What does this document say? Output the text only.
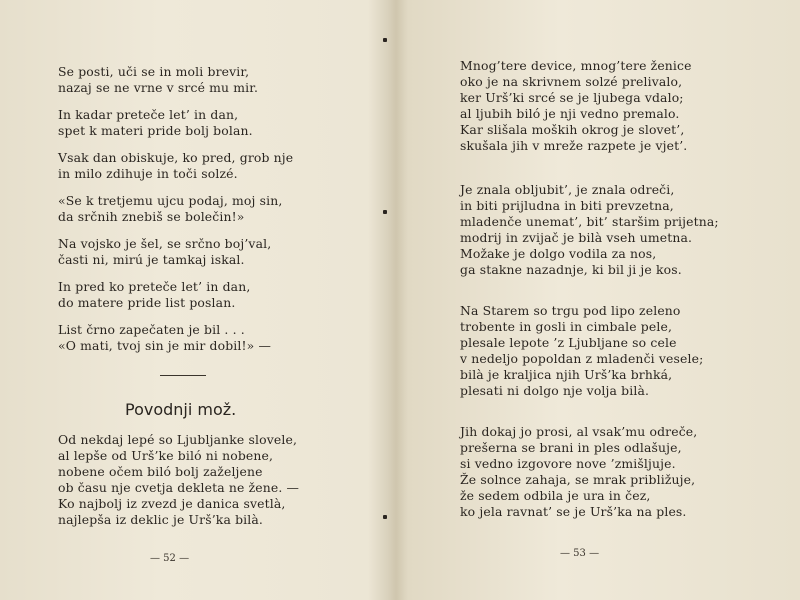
Se posti, uči se in moli brevir,
nazaj se ne vrne v srcé mu mir.
In kadar preteče let’ in dan,
spet k materi pride bolj bolan.
Vsak dan obiskuje, ko pred, grob nje
in milo zdihuje in toči solzé.
«Se k tretjemu ujcu podaj, moj sin,
da srčnih znebiš se bolečin!»
Na vojsko je šel, se srčno boj’val,
časti ni, mirú je tamkaj iskal.
In pred ko preteče let’ in dan,
do matere pride list poslan.
List črno zapečaten je bil . . .
«O mati, tvoj sin je mir dobil!» —
Povodnji mož.
Od nekdaj lepé so Ljubljanke slovele,
al lepše od Urš’ke biló ni nobene,
nobene očem biló bolj zaželjene
ob času nje cvetja dekleta ne žene. —
Ko najbolj iz zvezd je danica svetlà,
najlepša iz deklic je Urš’ka bilà.
— 52 —
Mnog’tere device, mnog’tere ženice
oko je na skrivnem solzé prelivalo,
ker Urš’ki srcé se je ljubega vdalo;
al ljubih biló je nji vedno premalo.
Kar slišala moških okrog je slovet’,
skušala jih v mreže razpete je vjet’.
Je znala obljubit’, je znala odreči,
in biti prijludna in biti prevzetna,
mladenče unemat’, bit’ staršim prijetna;
modrij in zvijač je bilà vseh umetna.
Možake je dolgo vodila za nos,
ga stakne nazadnje, ki bil ji je kos.
Na Starem so trgu pod lipo zeleno
trobente in gosli in cimbale pele,
plesale lepote ’z Ljubljane so cele
v nedeljo popoldan z mladenči vesele;
bilà je kraljica njih Urš’ka brhká,
plesati ni dolgo nje volja bilà.
Jih dokaj jo prosi, al vsak’mu odreče,
prešerna se brani in ples odlašuje,
si vedno izgovore nove ’zmišljuje.
Že solnce zahaja, se mrak približuje,
že sedem odbila je ura in čez,
ko jela ravnat’ se je Urš’ka na ples.
— 53 —
